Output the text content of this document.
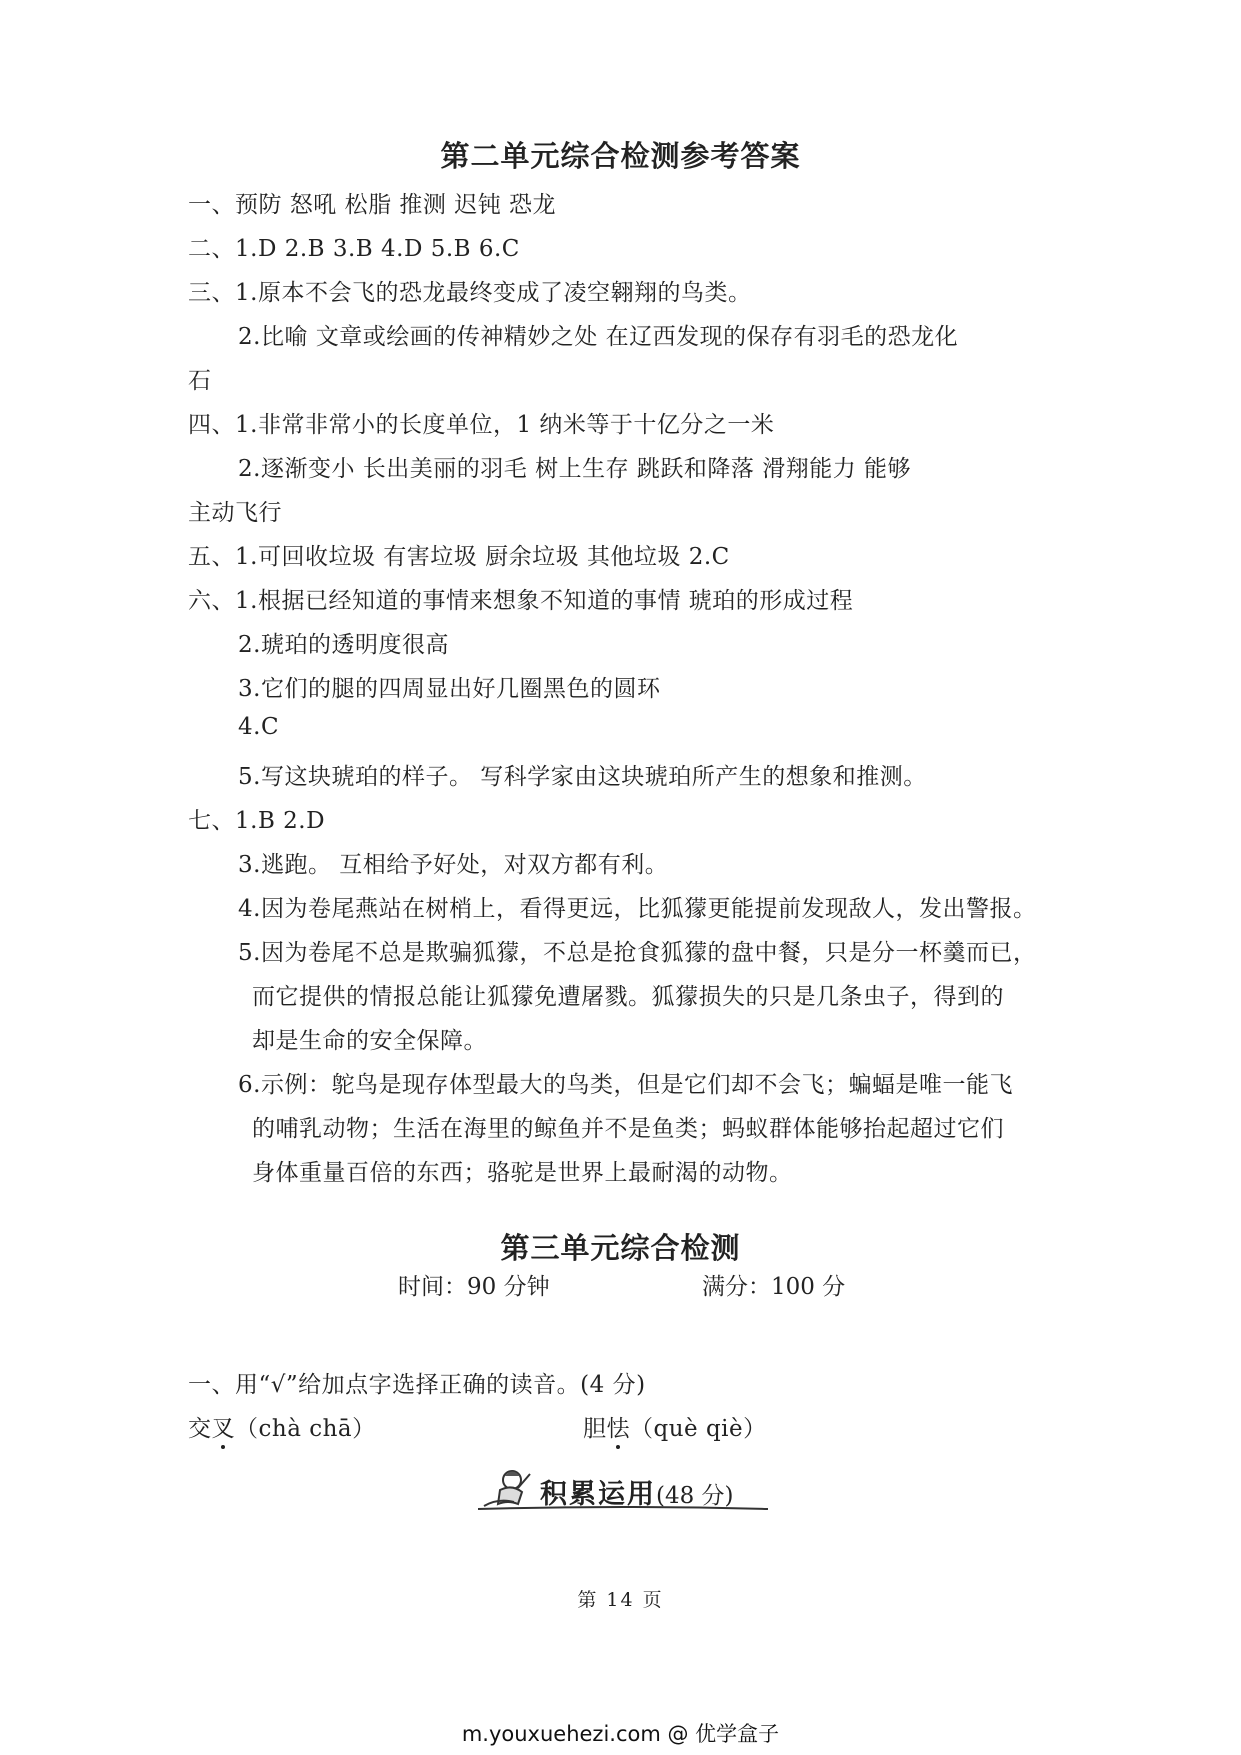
第二单元综合检测参考答案
一、预防 怒吼 松脂 推测 迟钝 恐龙
二、1.D 2.B 3.B 4.D 5.B 6.C
三、1.原本不会飞的恐龙最终变成了凌空翱翔的鸟类。
2.比喻 文章或绘画的传神精妙之处 在辽西发现的保存有羽毛的恐龙化
石
四、1.非常非常小的长度单位，1 纳米等于十亿分之一米
2.逐渐变小 长出美丽的羽毛 树上生存 跳跃和降落 滑翔能力 能够
主动飞行
五、1.可回收垃圾 有害垃圾 厨余垃圾 其他垃圾 2.C
六、1.根据已经知道的事情来想象不知道的事情 琥珀的形成过程
2.琥珀的透明度很高
3.它们的腿的四周显出好几圈黑色的圆环
4.C
5.写这块琥珀的样子。 写科学家由这块琥珀所产生的想象和推测。
七、1.B 2.D
3.逃跑。 互相给予好处，对双方都有利。
4.因为卷尾燕站在树梢上，看得更远，比狐獴更能提前发现敌人，发出警报。
5.因为卷尾不总是欺骗狐獴，不总是抢食狐獴的盘中餐，只是分一杯羹而已，
而它提供的情报总能让狐獴免遭屠戮。狐獴损失的只是几条虫子，得到的
却是生命的安全保障。
6.示例：鸵鸟是现存体型最大的鸟类，但是它们却不会飞；蝙蝠是唯一能飞
的哺乳动物；生活在海里的鲸鱼并不是鱼类；蚂蚁群体能够抬起超过它们
身体重量百倍的东西；骆驼是世界上最耐渴的动物。
第三单元综合检测
时间：90 分钟	满分：100 分
积累运用(48 分)
一、用“√”给加点字选择正确的读音。(4 分)
交叉（chà chā）	胆怯（què qiè）
第 14 页
m.youxuehezi.com @ 优学盒子
